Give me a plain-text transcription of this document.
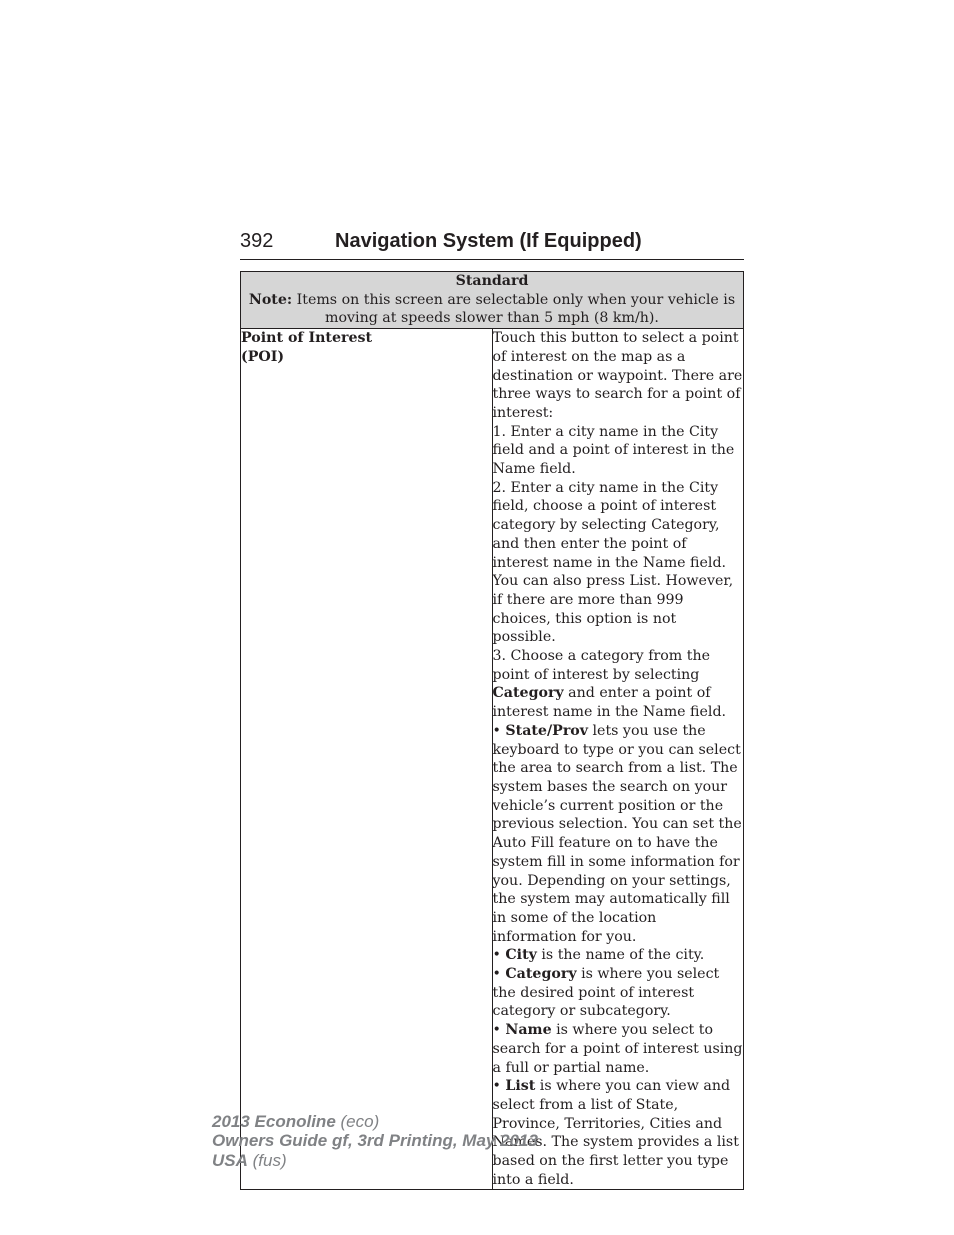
392	Navigation System (If Equipped)
Standard
Note: Items on this screen are selectable only when your vehicle is moving at speeds slower than 5 mph (8 km/h).

Point of Interest
(POI)

Touch this button to select a point of interest on the map as a destination or waypoint. There are three ways to search for a point of interest:
1. Enter a city name in the City field and a point of interest in the Name field.
2. Enter a city name in the City field, choose a point of interest category by selecting Category, and then enter the point of interest name in the Name field. You can also press List. However, if there are more than 999 choices, this option is not possible.
3. Choose a category from the point of interest by selecting Category and enter a point of interest name in the Name field.
• State/Prov lets you use the keyboard to type or you can select the area to search from a list. The system bases the search on your vehicle’s current position or the previous selection. You can set the Auto Fill feature on to have the system fill in some information for you. Depending on your settings, the system may automatically fill in some of the location information for you.
• City is the name of the city.
• Category is where you select the desired point of interest category or subcategory.
• Name is where you select to search for a point of interest using a full or partial name.
• List is where you can view and select from a list of State, Province, Territories, Cities and Names. The system provides a list based on the first letter you type into a field.
2013 Econoline (eco)
Owners Guide gf, 3rd Printing, May 2013
USA (fus)
